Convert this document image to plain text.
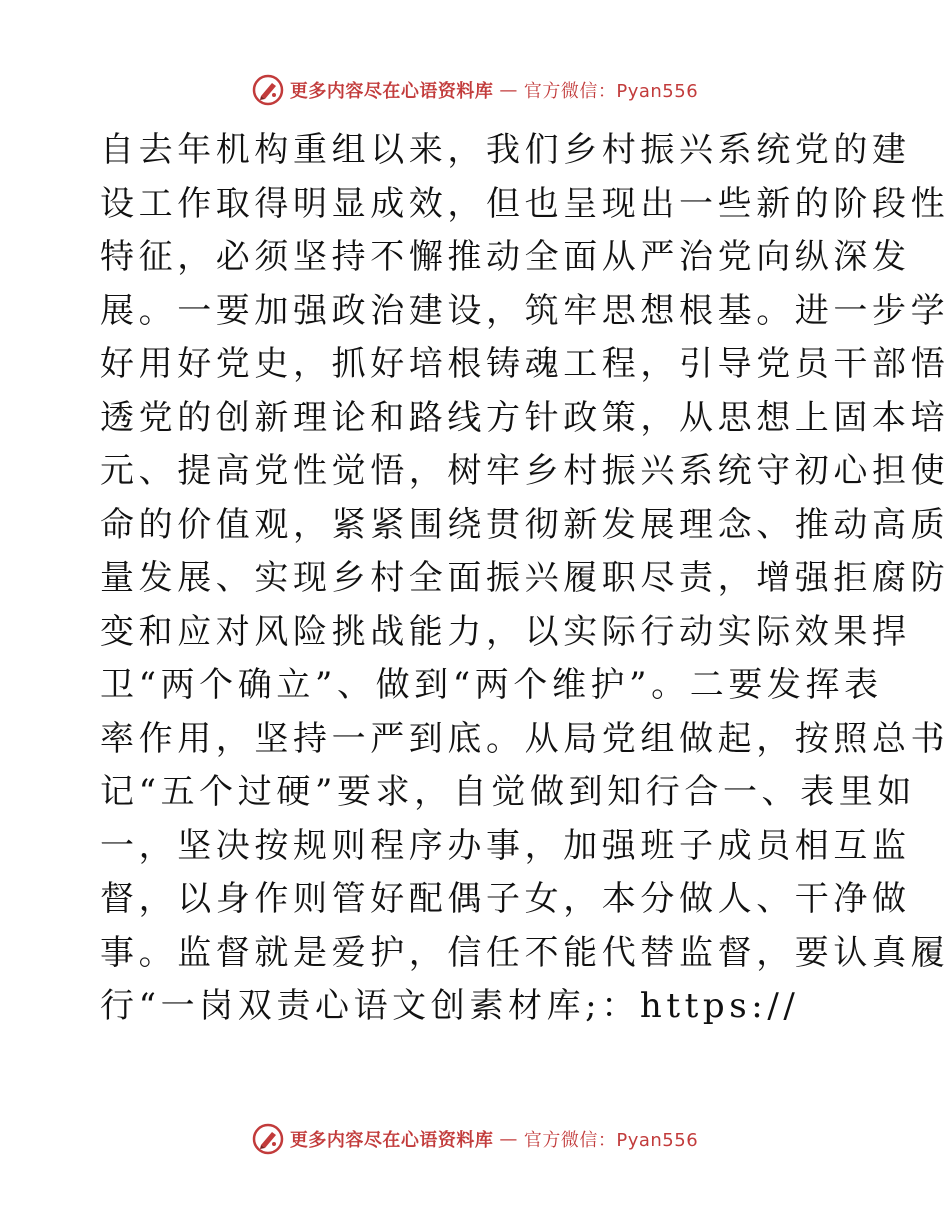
更多内容尽在心语资料库 — 官方微信：Pyan556
自去年机构重组以来，我们乡村振兴系统党的建
设工作取得明显成效，但也呈现出一些新的阶段性
特征，必须坚持不懈推动全面从严治党向纵深发
展。一要加强政治建设，筑牢思想根基。进一步学
好用好党史，抓好培根铸魂工程，引导党员干部悟
透党的创新理论和路线方针政策，从思想上固本培
元、提高党性觉悟，树牢乡村振兴系统守初心担使
命的价值观，紧紧围绕贯彻新发展理念、推动高质
量发展、实现乡村全面振兴履职尽责，增强拒腐防
变和应对风险挑战能力，以实际行动实际效果捍
卫“两个确立”、做到“两个维护”。二要发挥表
率作用，坚持一严到底。从局党组做起，按照总书
记“五个过硬”要求，自觉做到知行合一、表里如
一，坚决按规则程序办事，加强班子成员相互监
督，以身作则管好配偶子女，本分做人、干净做
事。监督就是爱护，信任不能代替监督，要认真履
行“一岗双责心语文创素材库;：https://
更多内容尽在心语资料库 — 官方微信：Pyan556
